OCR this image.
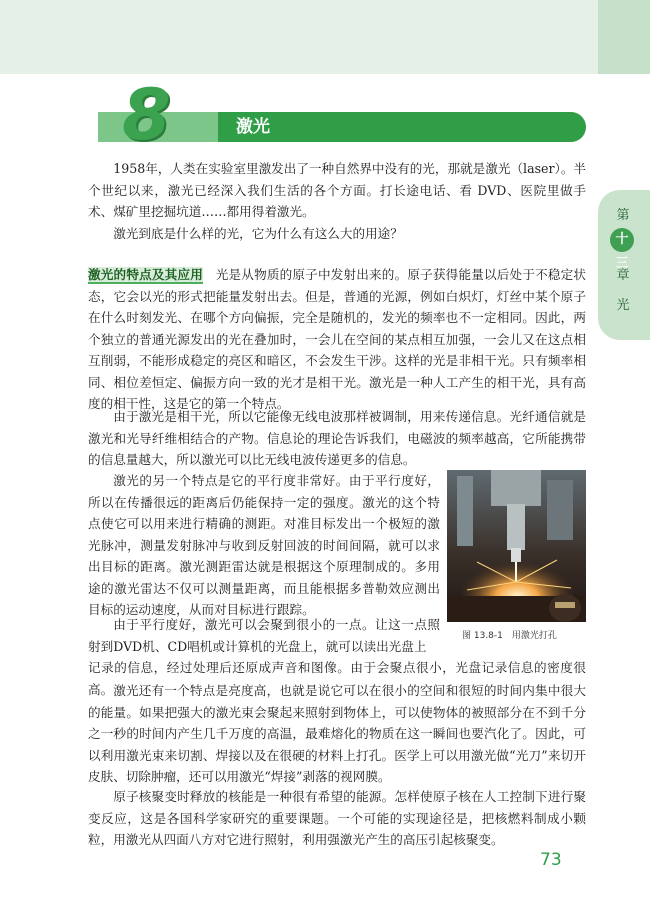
第
十三
章
光
8	激光

1958年，人类在实验室里激发出了一种自然界中没有的光，那就是激光（laser）。半个世纪以来，激光已经深入我们生活的各个方面。打长途电话、看 DVD、医院里做手术、煤矿里挖掘坑道……都用得着激光。

激光到底是什么样的光，它为什么有这么大的用途？

激光的特点及其应用　 光是从物质的原子中发射出来的。原子获得能量以后处于不稳定状态，它会以光的形式把能量发射出去。但是，普通的光源，例如白炽灯，灯丝中某个原子在什么时刻发光、在哪个方向偏振，完全是随机的，发光的频率也不一定相同。因此，两个独立的普通光源发出的光在叠加时，一会儿在空间的某点相互加强，一会儿又在这点相互削弱，不能形成稳定的亮区和暗区，不会发生干涉。这样的光是非相干光。只有频率相同、相位差恒定、偏振方向一致的光才是相干光。激光是一种人工产生的相干光，具有高度的相干性，这是它的第一个特点。

由于激光是相干光，所以它能像无线电波那样被调制，用来传递信息。光纤通信就是激光和光导纤维相结合的产物。信息论的理论告诉我们，电磁波的频率越高，它所能携带的信息量越大，所以激光可以比无线电波传递更多的信息。

激光的另一个特点是它的平行度非常好。由于平行度好，所以在传播很远的距离后仍能保持一定的强度。激光的这个特点使它可以用来进行精确的测距。对准目标发出一个极短的激光脉冲，测量发射脉冲与收到反射回波的时间间隔，就可以求出目标的距离。激光测距雷达就是根据这个原理制成的。多用途的激光雷达不仅可以测量距离，而且能根据多普勒效应测出目标的运动速度，从而对目标进行跟踪。

由于平行度好，激光可以会聚到很小的一点。让这一点照射到DVD机、CD唱机或计算机的光盘上，就可以读出光盘上

记录的信息，经过处理后还原成声音和图像。由于会聚点很小，光盘记录信息的密度很高。 激光还有一个特点是亮度高，也就是说它可以在很小的空间和很短的时间内集中很大的能量。如果把强大的激光束会聚起来照射到物体上，可以使物体的被照部分在不到千分之一秒的时间内产生几千万度的高温，最难熔化的物质在这一瞬间也要汽化了。因此，可以利用激光束来切割、焊接以及在很硬的材料上打孔。医学上可以用激光做“光刀”来切开皮肤、切除肿瘤，还可以用激光“焊接”剥落的视网膜。

原子核聚变时释放的核能是一种很有希望的能源。怎样使原子核在人工控制下进行聚变反应，这是各国科学家研究的重要课题。一个可能的实现途径是，把核燃料制成小颗粒，用激光从四面八方对它进行照射，利用强激光产生的高压引起核聚变。

图 13.8-1　用激光打孔
73
